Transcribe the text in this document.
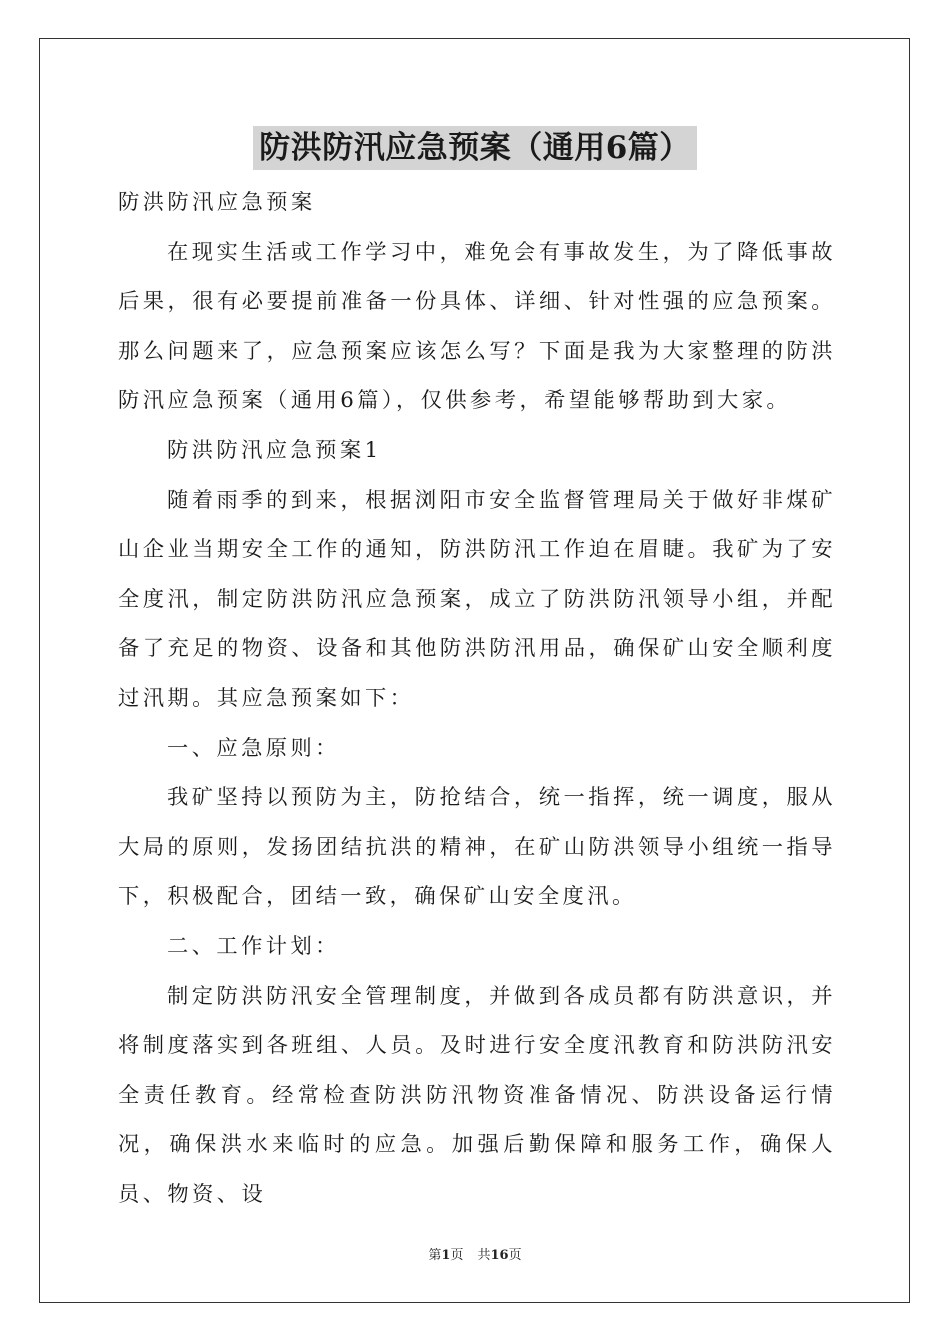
防洪防汛应急预案（通用6篇）

防洪防汛应急预案

在现实生活或工作学习中，难免会有事故发生，为了降低事故后果，很有必要提前准备一份具体、详细、针对性强的应急预案。那么问题来了，应急预案应该怎么写？下面是我为大家整理的防洪防汛应急预案（通用6篇），仅供参考，希望能够帮助到大家。

防洪防汛应急预案1

随着雨季的到来，根据浏阳市安全监督管理局关于做好非煤矿山企业当期安全工作的通知，防洪防汛工作迫在眉睫。我矿为了安全度汛，制定防洪防汛应急预案，成立了防洪防汛领导小组，并配备了充足的物资、设备和其他防洪防汛用品，确保矿山安全顺利度过汛期。其应急预案如下：

一、应急原则：

我矿坚持以预防为主，防抢结合，统一指挥，统一调度，服从大局的原则，发扬团结抗洪的精神，在矿山防洪领导小组统一指导下，积极配合，团结一致，确保矿山安全度汛。

二、工作计划：

制定防洪防汛安全管理制度，并做到各成员都有防洪意识，并将制度落实到各班组、人员。及时进行安全度汛教育和防洪防汛安全责任教育。经常检查防洪防汛物资准备情况、防洪设备运行情况，确保洪水来临时的应急。加强后勤保障和服务工作，确保人员、物资、设

第1页 共16页
